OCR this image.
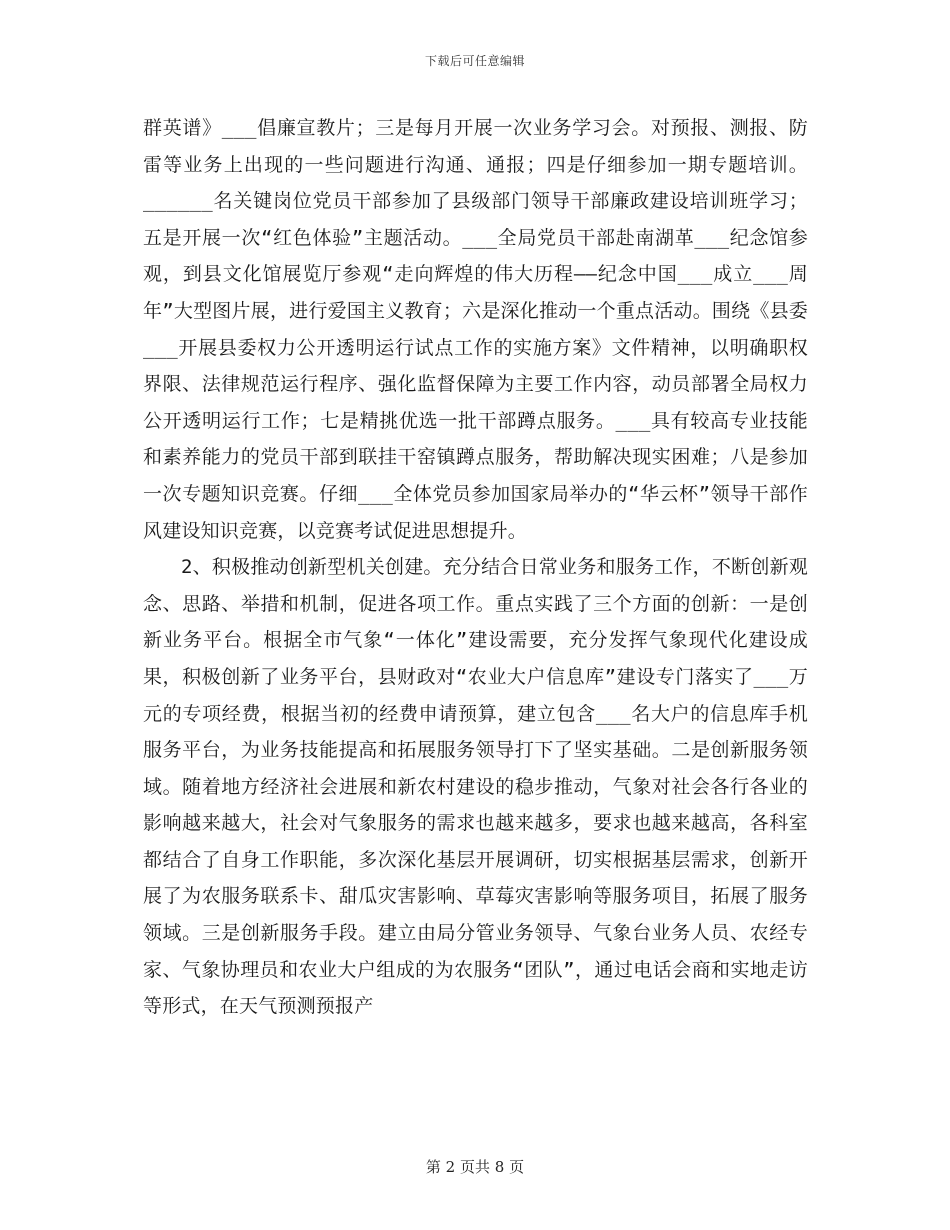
下载后可任意编辑

群英谱》___倡廉宣教片；三是每月开展一次业务学习会。对预报、测报、防雷等业务上出现的一些问题进行沟通、通报；四是仔细参加一期专题培训。______名关键岗位党员干部参加了县级部门领导干部廉政建设培训班学习；五是开展一次“红色体验”主题活动。___全局党员干部赴南湖革___纪念馆参观，到县文化馆展览厅参观“走向辉煌的伟大历程——纪念中国___成立___周年”大型图片展，进行爱国主义教育；六是深化推动一个重点活动。围绕《县委___开展县委权力公开透明运行试点工作的实施方案》文件精神，以明确职权界限、法律规范运行程序、强化监督保障为主要工作内容，动员部署全局权力公开透明运行工作；七是精挑优选一批干部蹲点服务。___具有较高专业技能和素养能力的党员干部到联挂干窑镇蹲点服务，帮助解决现实困难；八是参加一次专题知识竞赛。仔细___全体党员参加国家局举办的“华云杯”领导干部作风建设知识竞赛，以竞赛考试促进思想提升。

2、积极推动创新型机关创建。充分结合日常业务和服务工作，不断创新观念、思路、举措和机制，促进各项工作。重点实践了三个方面的创新：一是创新业务平台。根据全市气象“一体化”建设需要，充分发挥气象现代化建设成果，积极创新了业务平台，县财政对“农业大户信息库”建设专门落实了___万元的专项经费，根据当初的经费申请预算，建立包含___名大户的信息库手机服务平台，为业务技能提高和拓展服务领导打下了坚实基础。二是创新服务领域。随着地方经济社会进展和新农村建设的稳步推动，气象对社会各行各业的影响越来越大，社会对气象服务的需求也越来越多，要求也越来越高，各科室都结合了自身工作职能，多次深化基层开展调研，切实根据基层需求，创新开展了为农服务联系卡、甜瓜灾害影响、草莓灾害影响等服务项目，拓展了服务领域。三是创新服务手段。建立由局分管业务领导、气象台业务人员、农经专家、气象协理员和农业大户组成的为农服务“团队”，通过电话会商和实地走访等形式，在天气预测预报产

第 2 页共 8 页
